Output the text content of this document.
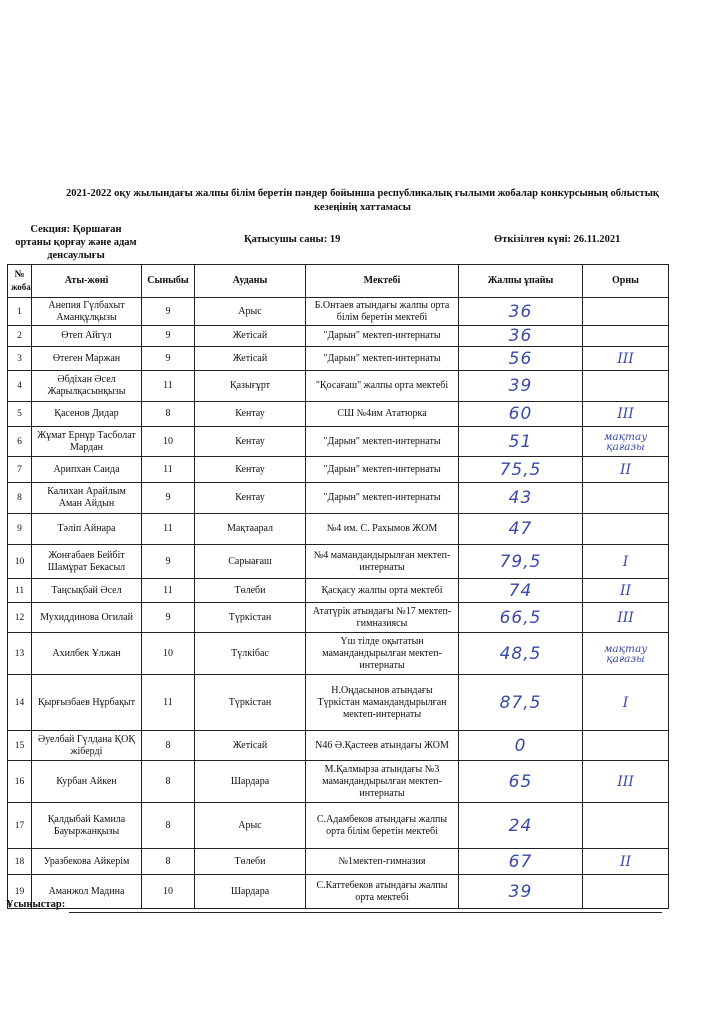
2021-2022 оқу жылындағы жалпы білім беретін пәндер бойынша республикалық ғылыми жобалар конкурсының облыстық
кезеңінің хаттамасы
Секция: Қоршаған
ортаны қорғау және адам
денсаулығы
Қатысушы саны: 19	Өткізілген күні: 26.11.2021
№
жоба	Аты-жөні	Сыныбы	Ауданы	Мектебі	Жалпы ұпайы	Орны
1	Анепия Гүлбахыт Аманқұлқызы	9	Арыс	Б.Онтаев атындағы жалпы орта білім беретін мектебі	36	
2	Өтеп Айгүл	9	Жетісай	"Дарын" мектеп-интернаты	36	
3	Өтеген Маржан	9	Жетісай	"Дарын" мектеп-интернаты	56	III
4	Әбдіхан Әсел Жарылқасынқызы	11	Қазығұрт	"Қосағаш" жалпы орта мектебі	39	
5	Қасенов Дидар	8	Кентау	СШ №4им Ататюрка	60	III
6	Жұмат Ернұр Тасболат Мардан	10	Кентау	"Дарын" мектеп-интернаты	51	мақтау қағазы
7	Арипхан Саида	11	Кентау	"Дарын" мектеп-интернаты	75,5	II
8	Калихан Арайлым Аман Айдын	9	Кентау	"Дарын" мектеп-интернаты	43	
9	Тәліп Айнара	11	Мақтаарал	№4 им. С. Рахымов ЖОМ	47	
10	Жонғабаев Бейбіт Шамұрат Бекасыл	9	Сарыағаш	№4 мамандандырылған мектеп-интернаты	79,5	I
11	Таңсықбай Әсел	11	Төлеби	Қасқасу жалпы орта мектебі	74	II
12	Мухиддинова Огилай	9	Түркістан	Ататүрік атындағы №17 мектеп-гимназиясы	66,5	III
13	Ахилбек Ұлжан	10	Түлкібас	Үш тілде оқытатын мамандандырылған мектеп-интернаты	48,5	мақтау қағазы
14	Қырғызбаев Нұрбақыт	11	Түркістан	Н.Оңдасынов атындағы Түркістан мамандандырылған мектеп-интернаты	87,5	I
15	Әуелбай Гүлдана ҚОҚ жіберді	8	Жетісай	N46 Ә.Қастеев атындағы ЖОМ	0	
16	Курбан Айкен	8	Шардара	М.Қалмырза атындағы №3 мамандандырылған мектеп-интернаты	65	III
17	Қалдыбай Камила Бауыржанқызы	8	Арыс	С.Адамбеков атындағы жалпы орта білім беретін мектебі	24	
18	Уразбекова Айкерім	8	Төлеби	№1мектеп-гимназия	67	II
19	Аманжол Мадина	10	Шардара	С.Каттебеков атындағы жалпы орта мектебі	39	
Ұсыныстар:
